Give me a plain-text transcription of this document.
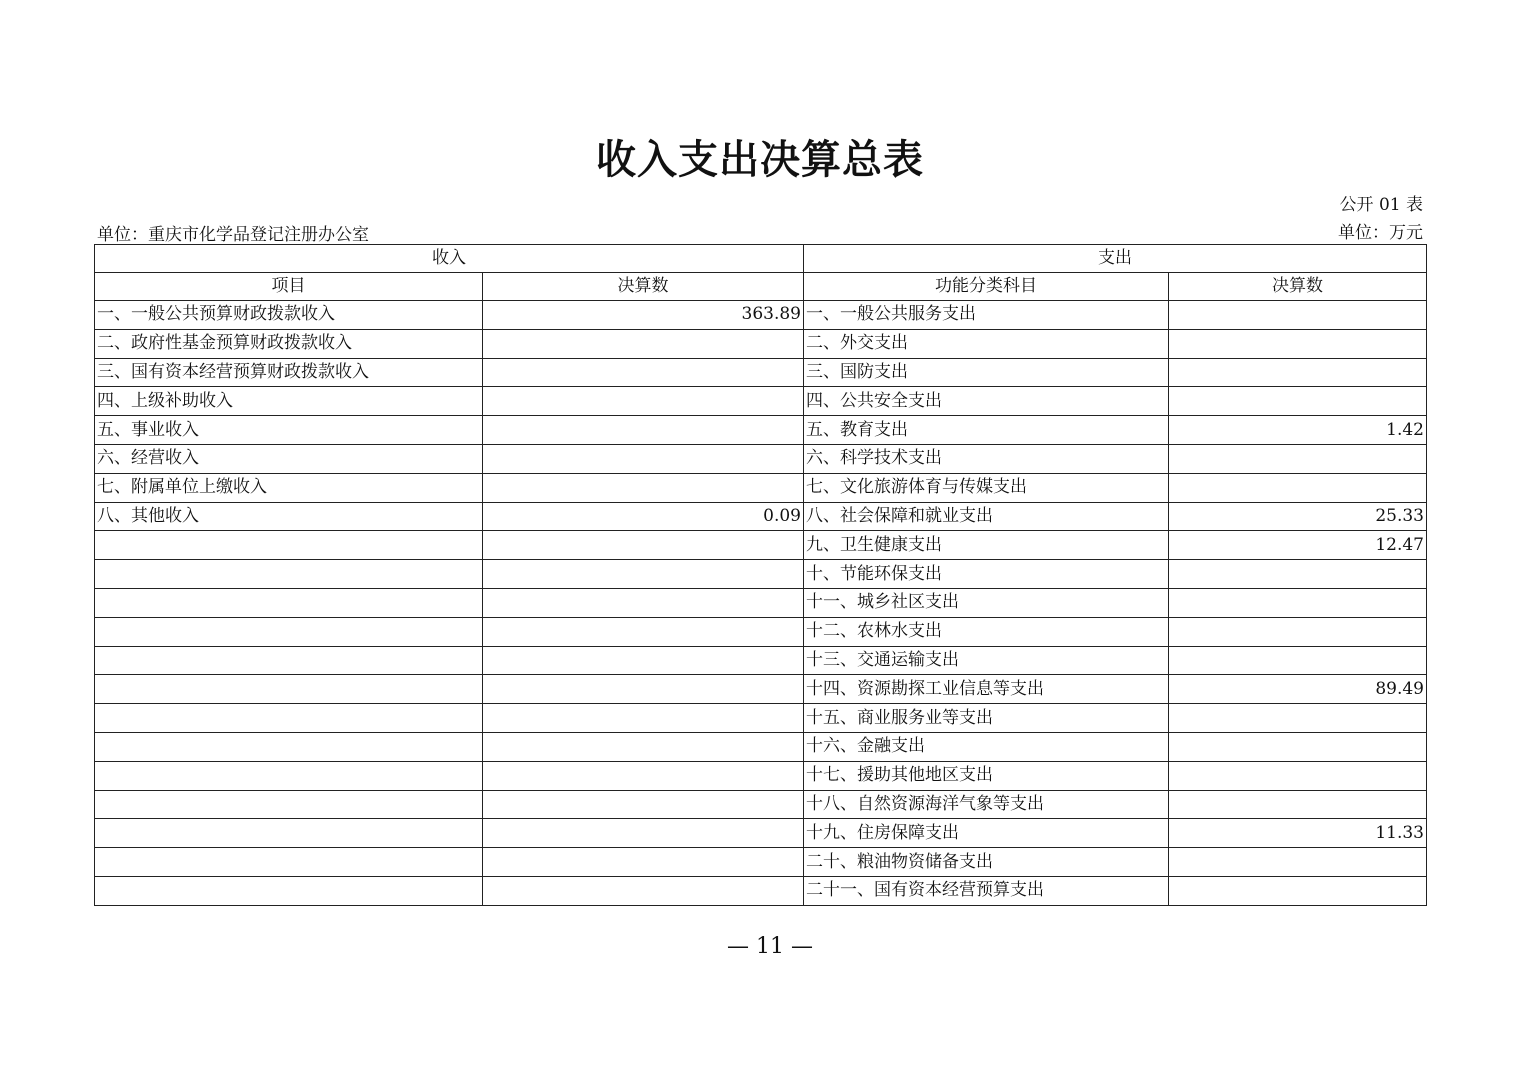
收入支出决算总表
公开 01 表
单位：重庆市化学品登记注册办公室	单位：万元
收入		支出	
项目	决算数	功能分类科目	决算数
一、一般公共预算财政拨款收入	363.89	一、一般公共服务支出	
二、政府性基金预算财政拨款收入		二、外交支出	
三、国有资本经营预算财政拨款收入		三、国防支出	
四、上级补助收入		四、公共安全支出	
五、事业收入		五、教育支出	1.42
六、经营收入		六、科学技术支出	
七、附属单位上缴收入		七、文化旅游体育与传媒支出	
八、其他收入	0.09	八、社会保障和就业支出	25.33
		九、卫生健康支出	12.47
		十、节能环保支出	
		十一、城乡社区支出	
		十二、农林水支出	
		十三、交通运输支出	
		十四、资源勘探工业信息等支出	89.49
		十五、商业服务业等支出	
		十六、金融支出	
		十七、援助其他地区支出	
		十八、自然资源海洋气象等支出	
		十九、住房保障支出	11.33
		二十、粮油物资储备支出	
		二十一、国有资本经营预算支出	
— 11 —
